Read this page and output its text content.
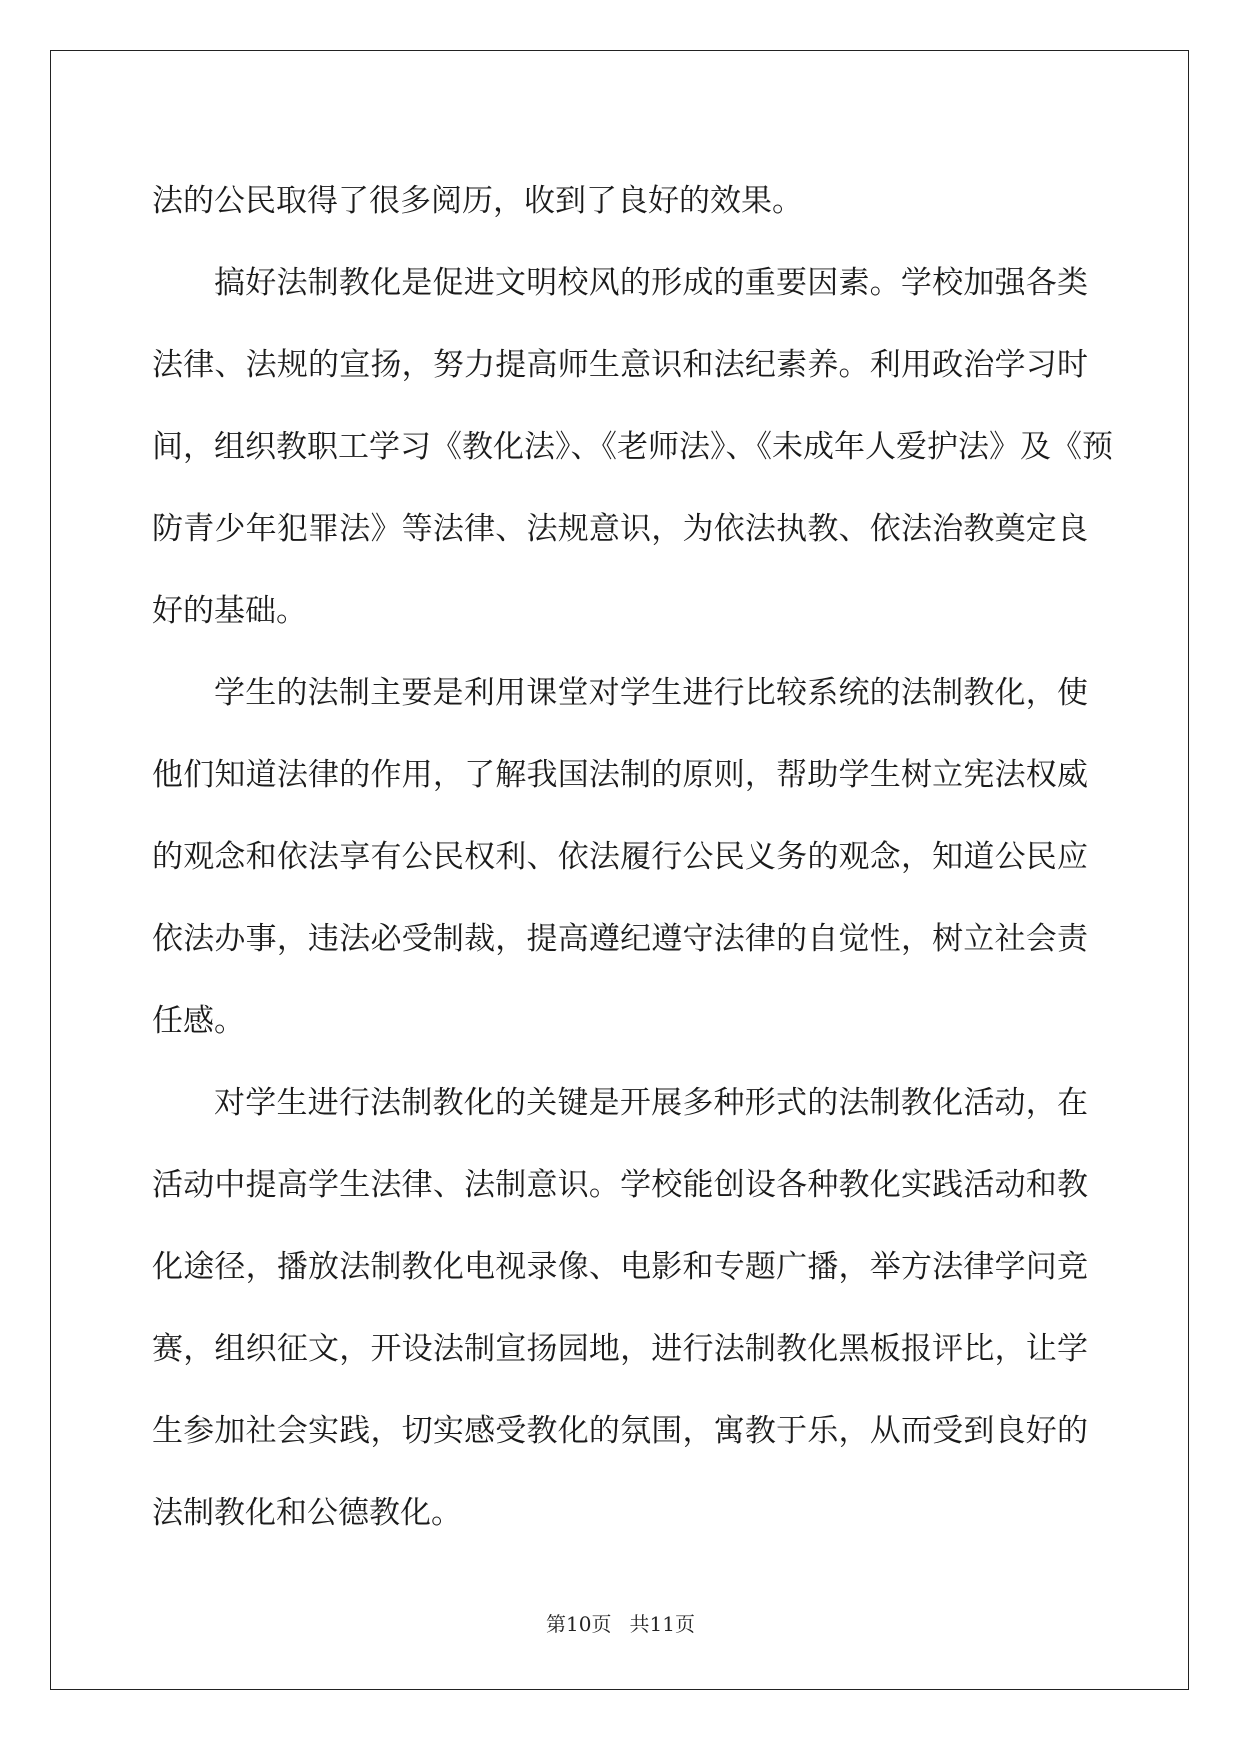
法的公民取得了很多阅历，收到了良好的效果。
搞好法制教化是促进文明校风的形成的重要因素。学校加强各类
法律、法规的宣扬，努力提高师生意识和法纪素养。利用政治学习时
间，组织教职工学习《教化法》、《老师法》、《未成年人爱护法》及《预
防青少年犯罪法》等法律、法规意识，为依法执教、依法治教奠定良
好的基础。
学生的法制主要是利用课堂对学生进行比较系统的法制教化，使
他们知道法律的作用，了解我国法制的原则，帮助学生树立宪法权威
的观念和依法享有公民权利、依法履行公民义务的观念，知道公民应
依法办事，违法必受制裁，提高遵纪遵守法律的自觉性，树立社会责
任感。
对学生进行法制教化的关键是开展多种形式的法制教化活动，在
活动中提高学生法律、法制意识。学校能创设各种教化实践活动和教
化途径，播放法制教化电视录像、电影和专题广播，举方法律学问竞
赛，组织征文，开设法制宣扬园地，进行法制教化黑板报评比，让学
生参加社会实践，切实感受教化的氛围，寓教于乐，从而受到良好的
法制教化和公德教化。
第10页 共11页
